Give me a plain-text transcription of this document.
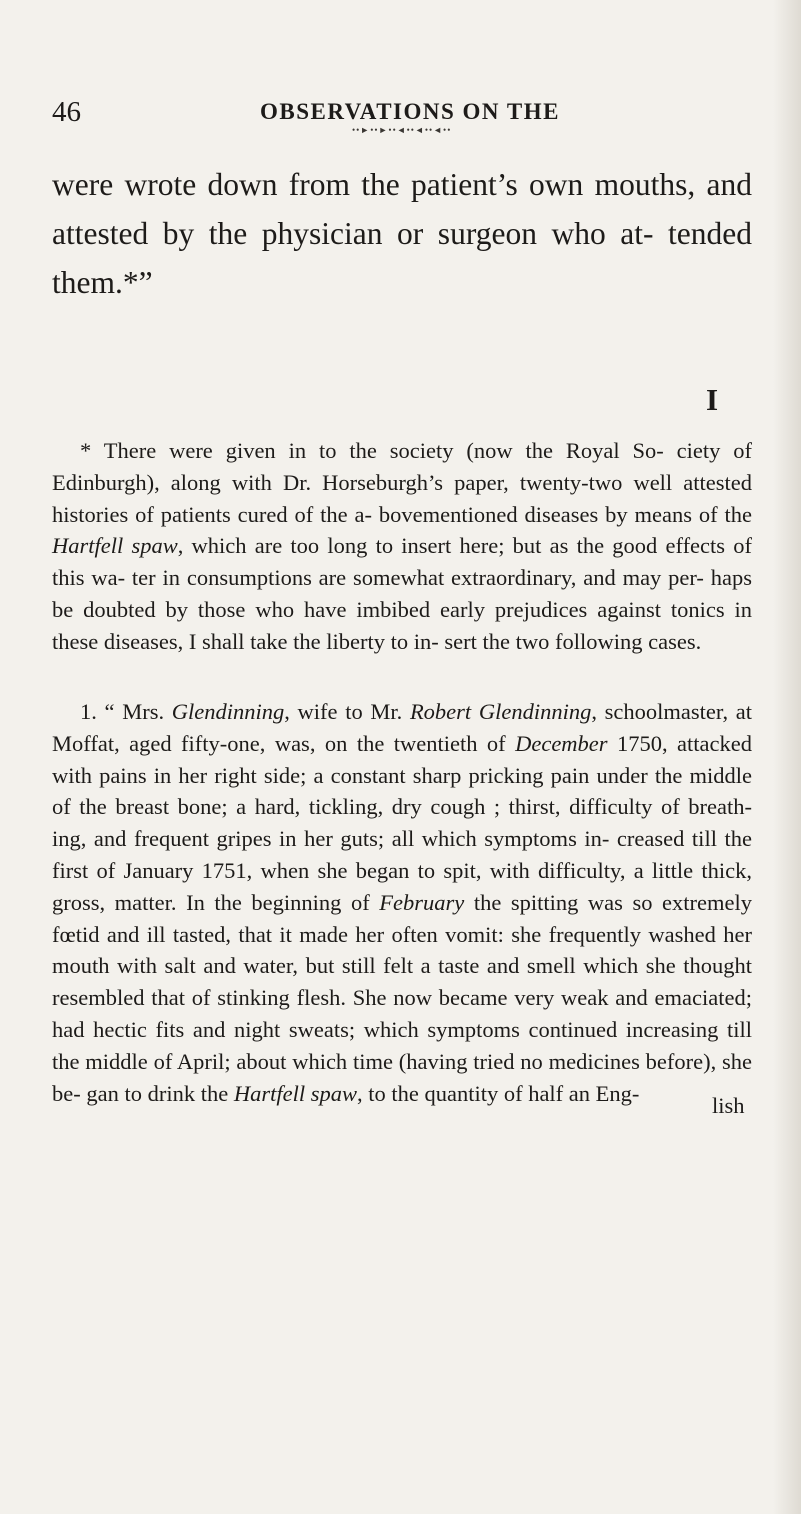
46	OBSERVATIONS ON THE
••►••►••◄••◄••◄••

were wrote down from the patient’s own mouths, and attested by the physician or surgeon who at- tended them.*”

I

* There were given in to the society (now the Royal So- ciety of Edinburgh), along with Dr. Horseburgh’s paper, twenty-two well attested histories of patients cured of the a- bovementioned diseases by means of the Hartfell spaw, which are too long to insert here; but as the good effects of this wa- ter in consumptions are somewhat extraordinary, and may per- haps be doubted by those who have imbibed early prejudices against tonics in these diseases, I shall take the liberty to in- sert the two following cases.

1. “ Mrs. Glendinning, wife to Mr. Robert Glendinning, schoolmaster, at Moffat, aged fifty-one, was, on the twentieth of December 1750, attacked with pains in her right side; a constant sharp pricking pain under the middle of the breast bone; a hard, tickling, dry cough ; thirst, difficulty of breath- ing, and frequent gripes in her guts; all which symptoms in- creased till the first of January 1751, when she began to spit, with difficulty, a little thick, gross, matter. In the beginning of February the spitting was so extremely fœtid and ill tasted, that it made her often vomit: she frequently washed her mouth with salt and water, but still felt a taste and smell which she thought resembled that of stinking flesh. She now became very weak and emaciated; had hectic fits and night sweats; which symptoms continued increasing till the middle of April; about which time (having tried no medicines before), she be- gan to drink the Hartfell spaw, to the quantity of half an Eng-	lish
